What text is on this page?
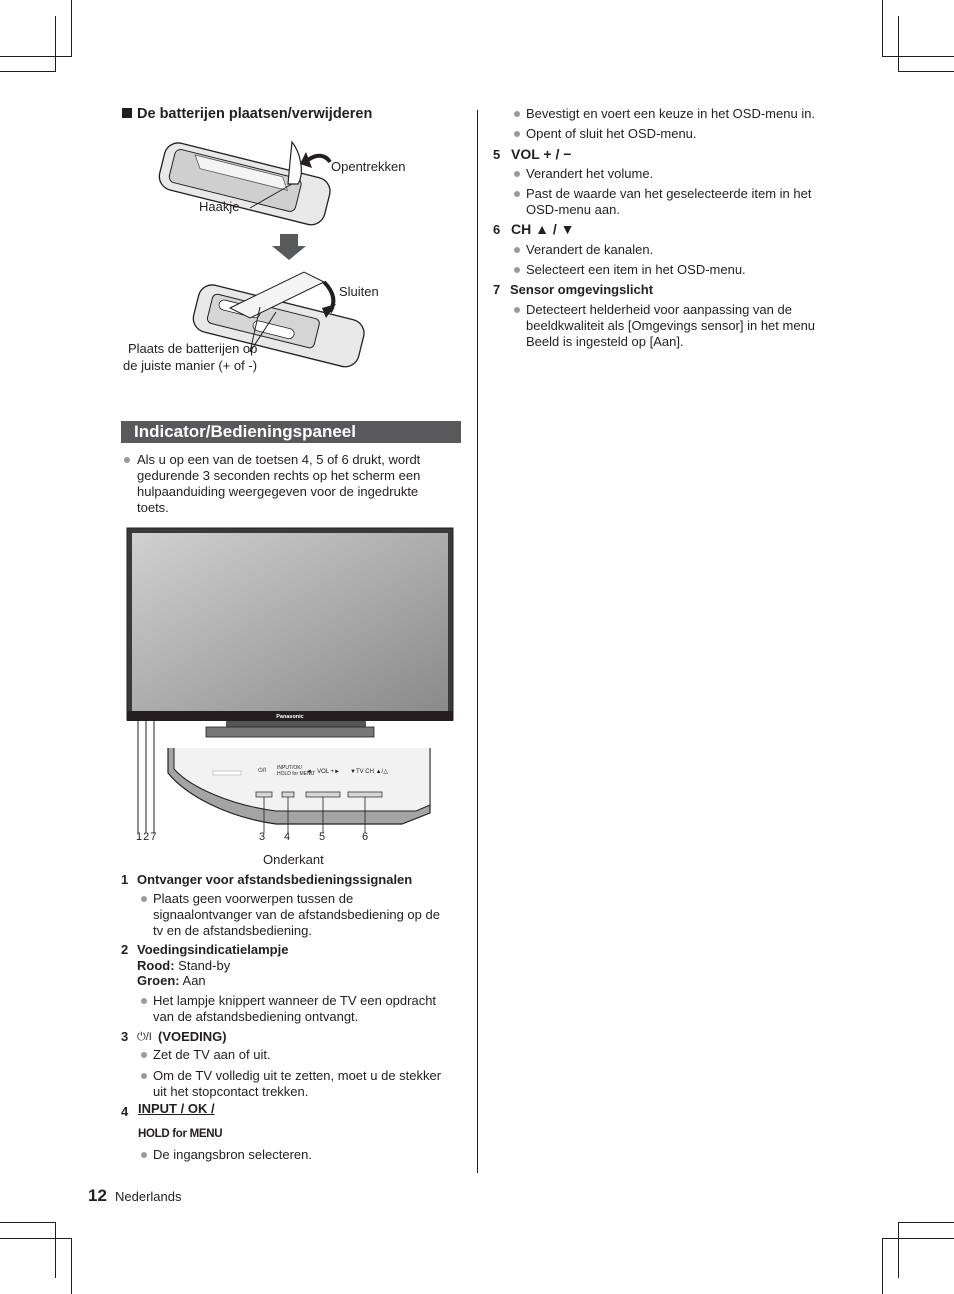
De batterijen plaatsen/verwijderen
Opentrekken
Haakje
Sluiten
Plaats de batterijen op
de juiste manier (+ of -)
Indicator/Bedieningspaneel
Als u op een van de toetsen 4, 5 of 6 drukt, wordt
gedurende 3 seconden rechts op het scherm een
hulpaanduiding weergegeven voor de ingedrukte
toets.
Panasonic
⏻/I INPUT/OK/
HOLD for MENU
◄− VOL +► ▼TV CH ▲/△
1 2 7	3 4	5	6
Onderkant
1 Ontvanger voor afstandsbedieningssignalen
Plaats geen voorwerpen tussen de
signaalontvanger van de afstandsbediening op de
tv en de afstandsbediening.
2 Voedingsindicatielampje
Rood: Stand-by
Groen: Aan
Het lampje knippert wanneer de TV een opdracht
van de afstandsbediening ontvangt.
3 ⏻/I (VOEDING)
Zet de TV aan of uit.
Om de TV volledig uit te zetten, moet u de stekker
uit het stopcontact trekken.
4 INPUT / OK /
HOLD for MENU
De ingangsbron selecteren.
Bevestigt en voert een keuze in het OSD-menu in.
Opent of sluit het OSD-menu.
5 VOL + / −
Verandert het volume.
Past de waarde van het geselecteerde item in het
OSD-menu aan.
6 CH ▲ / ▼
Verandert de kanalen.
Selecteert een item in het OSD-menu.
7 Sensor omgevingslicht
Detecteert helderheid voor aanpassing van de
beeldkwaliteit als [Omgevings sensor] in het menu
Beeld is ingesteld op [Aan].
12 Nederlands
